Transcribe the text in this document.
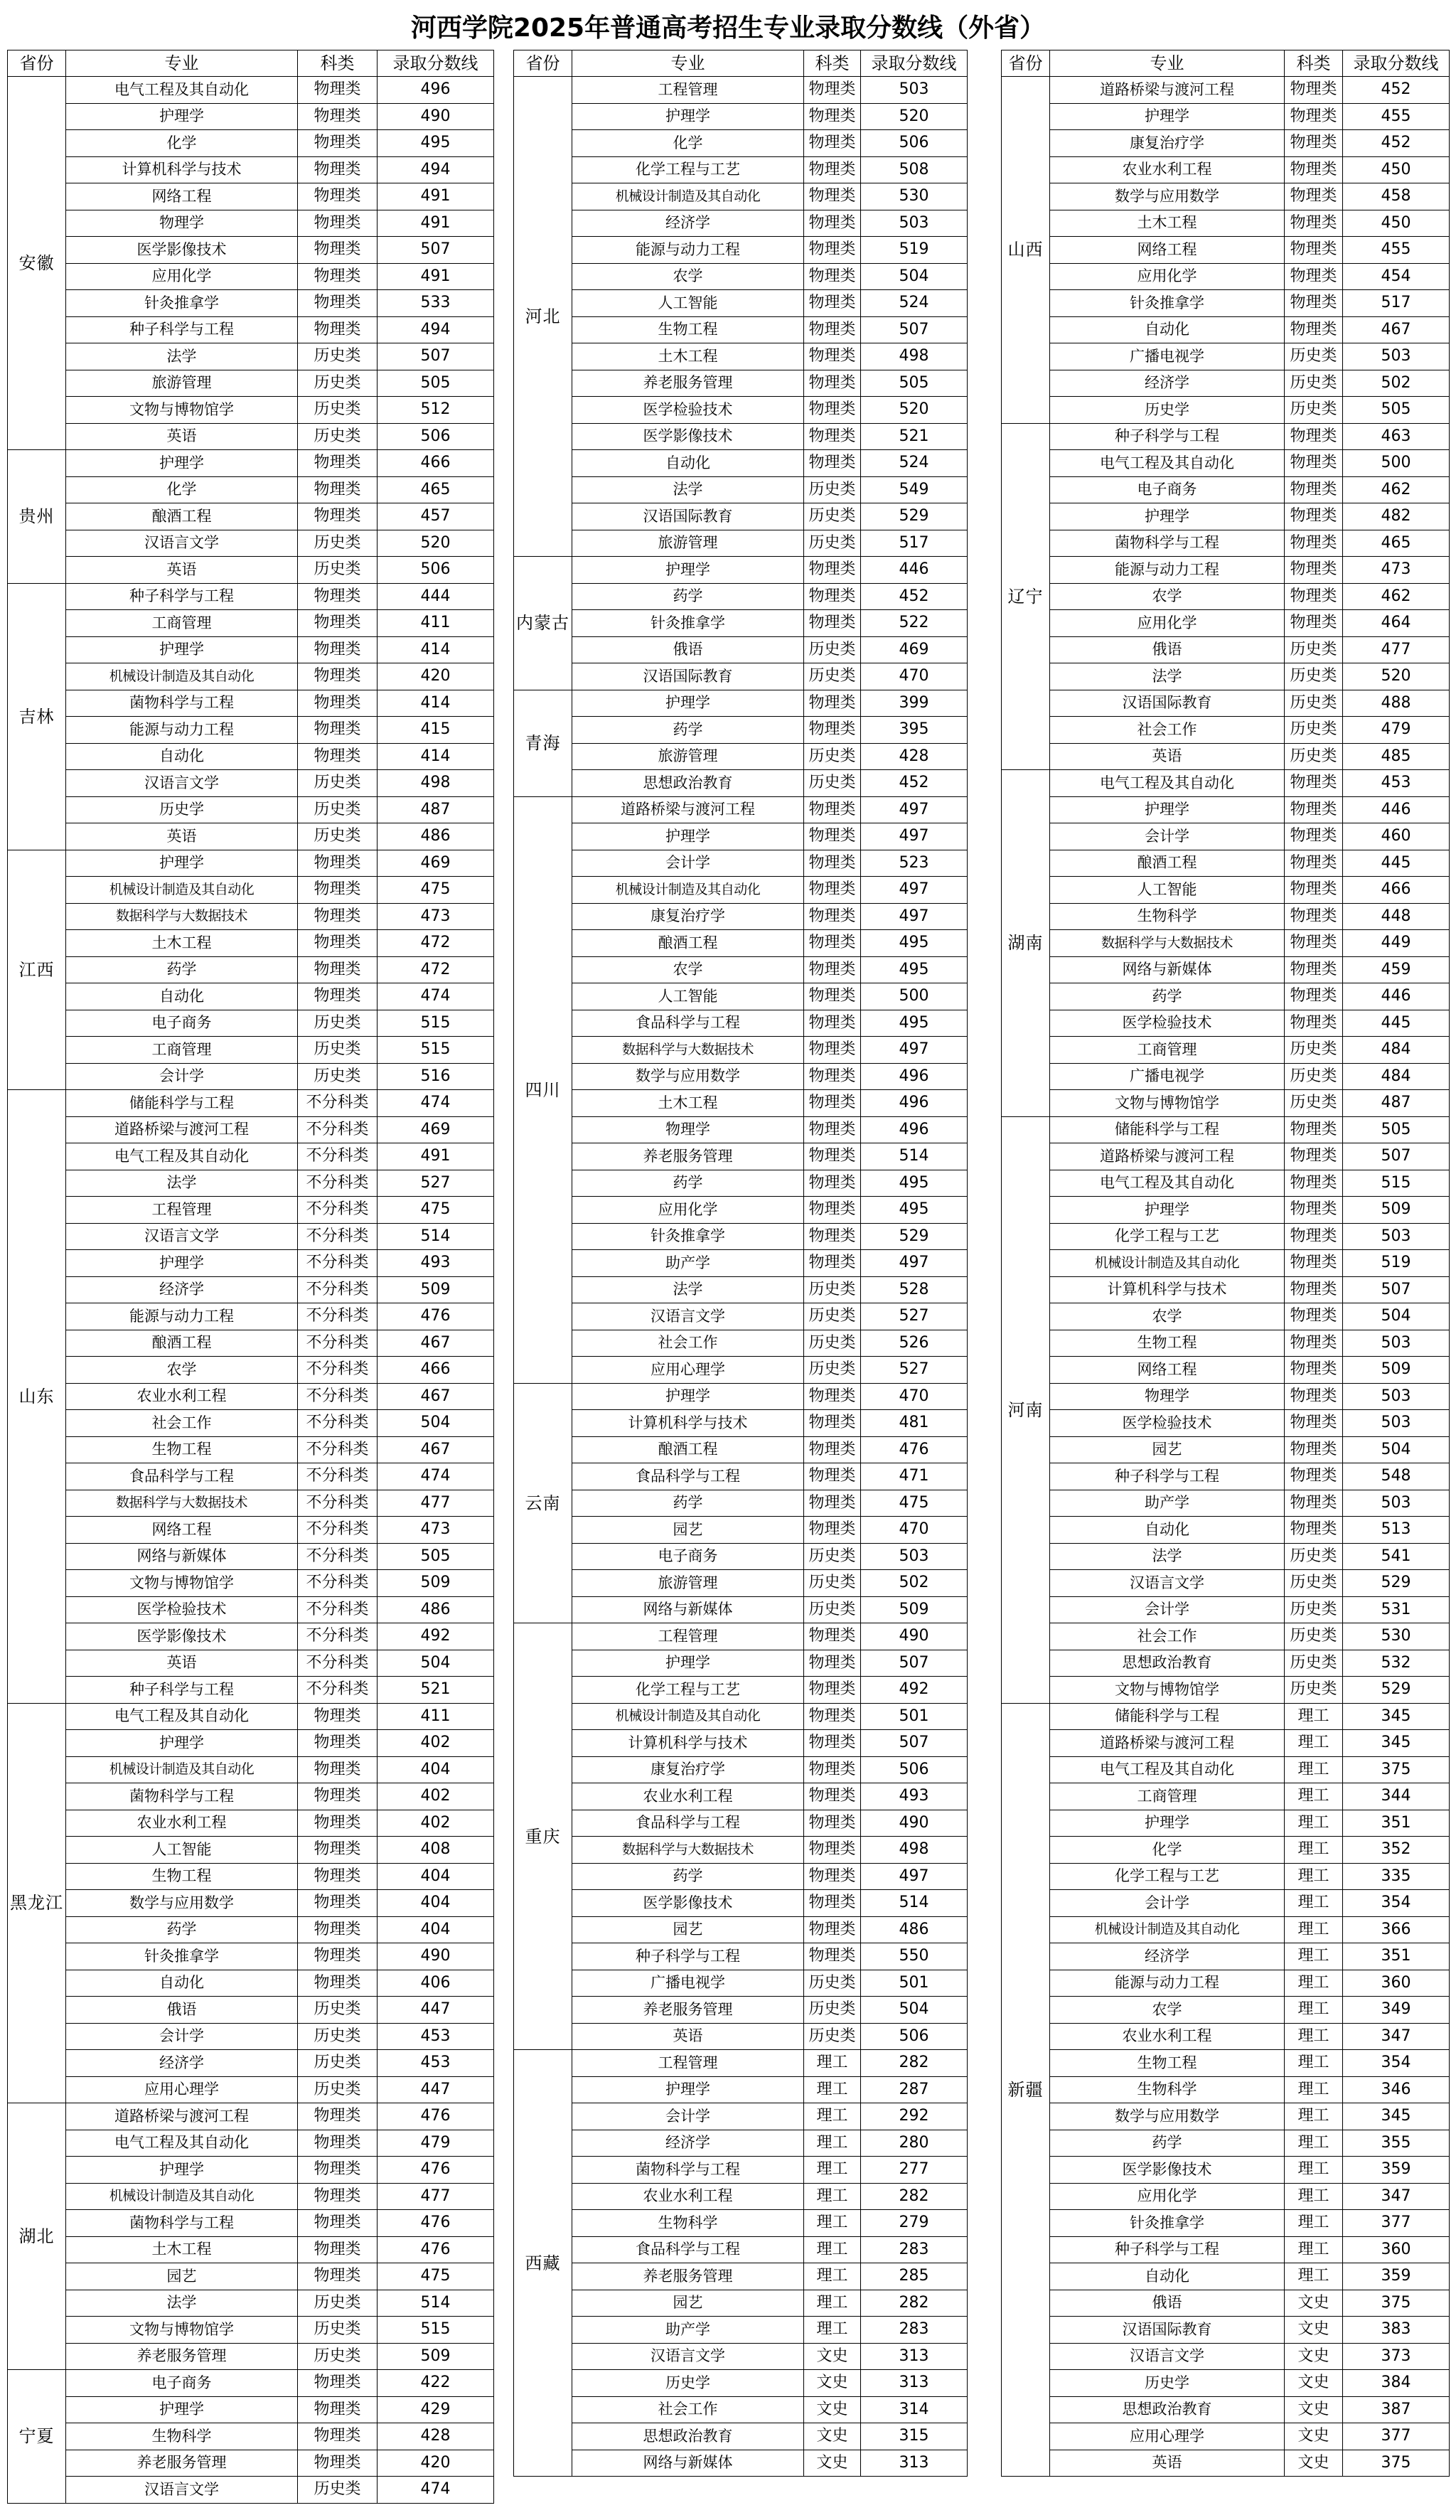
河西学院2025年普通高考招生专业录取分数线（外省）
省份	专业	科类	录取分数线
安徽	电气工程及其自动化	物理类	496
	护理学	物理类	490
	化学	物理类	495
	计算机科学与技术	物理类	494
	网络工程	物理类	491
	物理学	物理类	491
	医学影像技术	物理类	507
	应用化学	物理类	491
	针灸推拿学	物理类	533
	种子科学与工程	物理类	494
	法学	历史类	507
	旅游管理	历史类	505
	文物与博物馆学	历史类	512
	英语	历史类	506
贵州	护理学	物理类	466
	化学	物理类	465
	酿酒工程	物理类	457
	汉语言文学	历史类	520
	英语	历史类	506
吉林	种子科学与工程	物理类	444
	工商管理	物理类	411
	护理学	物理类	414
	机械设计制造及其自动化	物理类	420
	菌物科学与工程	物理类	414
	能源与动力工程	物理类	415
	自动化	物理类	414
	汉语言文学	历史类	498
	历史学	历史类	487
	英语	历史类	486
江西	护理学	物理类	469
	机械设计制造及其自动化	物理类	475
	数据科学与大数据技术	物理类	473
	土木工程	物理类	472
	药学	物理类	472
	自动化	物理类	474
	电子商务	历史类	515
	工商管理	历史类	515
	会计学	历史类	516
山东	储能科学与工程	不分科类	474
	道路桥梁与渡河工程	不分科类	469
	电气工程及其自动化	不分科类	491
	法学	不分科类	527
	工程管理	不分科类	475
	汉语言文学	不分科类	514
	护理学	不分科类	493
	经济学	不分科类	509
	能源与动力工程	不分科类	476
	酿酒工程	不分科类	467
	农学	不分科类	466
	农业水利工程	不分科类	467
	社会工作	不分科类	504
	生物工程	不分科类	467
	食品科学与工程	不分科类	474
	数据科学与大数据技术	不分科类	477
	网络工程	不分科类	473
	网络与新媒体	不分科类	505
	文物与博物馆学	不分科类	509
	医学检验技术	不分科类	486
	医学影像技术	不分科类	492
	英语	不分科类	504
	种子科学与工程	不分科类	521
黑龙江	电气工程及其自动化	物理类	411
	护理学	物理类	402
	机械设计制造及其自动化	物理类	404
	菌物科学与工程	物理类	402
	农业水利工程	物理类	402
	人工智能	物理类	408
	生物工程	物理类	404
	数学与应用数学	物理类	404
	药学	物理类	404
	针灸推拿学	物理类	490
	自动化	物理类	406
	俄语	历史类	447
	会计学	历史类	453
	经济学	历史类	453
	应用心理学	历史类	447
湖北	道路桥梁与渡河工程	物理类	476
	电气工程及其自动化	物理类	479
	护理学	物理类	476
	机械设计制造及其自动化	物理类	477
	菌物科学与工程	物理类	476
	土木工程	物理类	476
	园艺	物理类	475
	法学	历史类	514
	文物与博物馆学	历史类	515
	养老服务管理	历史类	509
宁夏	电子商务	物理类	422
	护理学	物理类	429
	生物科学	物理类	428
	养老服务管理	物理类	420
	汉语言文学	历史类	474
省份	专业	科类	录取分数线
河北	工程管理	物理类	503
	护理学	物理类	520
	化学	物理类	506
	化学工程与工艺	物理类	508
	机械设计制造及其自动化	物理类	530
	经济学	物理类	503
	能源与动力工程	物理类	519
	农学	物理类	504
	人工智能	物理类	524
	生物工程	物理类	507
	土木工程	物理类	498
	养老服务管理	物理类	505
	医学检验技术	物理类	520
	医学影像技术	物理类	521
	自动化	物理类	524
	法学	历史类	549
	汉语国际教育	历史类	529
	旅游管理	历史类	517
内蒙古	护理学	物理类	446
	药学	物理类	452
	针灸推拿学	物理类	522
	俄语	历史类	469
	汉语国际教育	历史类	470
青海	护理学	物理类	399
	药学	物理类	395
	旅游管理	历史类	428
	思想政治教育	历史类	452
四川	道路桥梁与渡河工程	物理类	497
	护理学	物理类	497
	会计学	物理类	523
	机械设计制造及其自动化	物理类	497
	康复治疗学	物理类	497
	酿酒工程	物理类	495
	农学	物理类	495
	人工智能	物理类	500
	食品科学与工程	物理类	495
	数据科学与大数据技术	物理类	497
	数学与应用数学	物理类	496
	土木工程	物理类	496
	物理学	物理类	496
	养老服务管理	物理类	514
	药学	物理类	495
	应用化学	物理类	495
	针灸推拿学	物理类	529
	助产学	物理类	497
	法学	历史类	528
	汉语言文学	历史类	527
	社会工作	历史类	526
	应用心理学	历史类	527
云南	护理学	物理类	470
	计算机科学与技术	物理类	481
	酿酒工程	物理类	476
	食品科学与工程	物理类	471
	药学	物理类	475
	园艺	物理类	470
	电子商务	历史类	503
	旅游管理	历史类	502
	网络与新媒体	历史类	509
重庆	工程管理	物理类	490
	护理学	物理类	507
	化学工程与工艺	物理类	492
	机械设计制造及其自动化	物理类	501
	计算机科学与技术	物理类	507
	康复治疗学	物理类	506
	农业水利工程	物理类	493
	食品科学与工程	物理类	490
	数据科学与大数据技术	物理类	498
	药学	物理类	497
	医学影像技术	物理类	514
	园艺	物理类	486
	种子科学与工程	物理类	550
	广播电视学	历史类	501
	养老服务管理	历史类	504
	英语	历史类	506
西藏	工程管理	理工	282
	护理学	理工	287
	会计学	理工	292
	经济学	理工	280
	菌物科学与工程	理工	277
	农业水利工程	理工	282
	生物科学	理工	279
	食品科学与工程	理工	283
	养老服务管理	理工	285
	园艺	理工	282
	助产学	理工	283
	汉语言文学	文史	313
	历史学	文史	313
	社会工作	文史	314
	思想政治教育	文史	315
	网络与新媒体	文史	313
省份	专业	科类	录取分数线
山西	道路桥梁与渡河工程	物理类	452
	护理学	物理类	455
	康复治疗学	物理类	452
	农业水利工程	物理类	450
	数学与应用数学	物理类	458
	土木工程	物理类	450
	网络工程	物理类	455
	应用化学	物理类	454
	针灸推拿学	物理类	517
	自动化	物理类	467
	广播电视学	历史类	503
	经济学	历史类	502
	历史学	历史类	505
辽宁	种子科学与工程	物理类	463
	电气工程及其自动化	物理类	500
	电子商务	物理类	462
	护理学	物理类	482
	菌物科学与工程	物理类	465
	能源与动力工程	物理类	473
	农学	物理类	462
	应用化学	物理类	464
	俄语	历史类	477
	法学	历史类	520
	汉语国际教育	历史类	488
	社会工作	历史类	479
	英语	历史类	485
湖南	电气工程及其自动化	物理类	453
	护理学	物理类	446
	会计学	物理类	460
	酿酒工程	物理类	445
	人工智能	物理类	466
	生物科学	物理类	448
	数据科学与大数据技术	物理类	449
	网络与新媒体	物理类	459
	药学	物理类	446
	医学检验技术	物理类	445
	工商管理	历史类	484
	广播电视学	历史类	484
	文物与博物馆学	历史类	487
河南	储能科学与工程	物理类	505
	道路桥梁与渡河工程	物理类	507
	电气工程及其自动化	物理类	515
	护理学	物理类	509
	化学工程与工艺	物理类	503
	机械设计制造及其自动化	物理类	519
	计算机科学与技术	物理类	507
	农学	物理类	504
	生物工程	物理类	503
	网络工程	物理类	509
	物理学	物理类	503
	医学检验技术	物理类	503
	园艺	物理类	504
	种子科学与工程	物理类	548
	助产学	物理类	503
	自动化	物理类	513
	法学	历史类	541
	汉语言文学	历史类	529
	会计学	历史类	531
	社会工作	历史类	530
	思想政治教育	历史类	532
	文物与博物馆学	历史类	529
新疆	储能科学与工程	理工	345
	道路桥梁与渡河工程	理工	345
	电气工程及其自动化	理工	375
	工商管理	理工	344
	护理学	理工	351
	化学	理工	352
	化学工程与工艺	理工	335
	会计学	理工	354
	机械设计制造及其自动化	理工	366
	经济学	理工	351
	能源与动力工程	理工	360
	农学	理工	349
	农业水利工程	理工	347
	生物工程	理工	354
	生物科学	理工	346
	数学与应用数学	理工	345
	药学	理工	355
	医学影像技术	理工	359
	应用化学	理工	347
	针灸推拿学	理工	377
	种子科学与工程	理工	360
	自动化	理工	359
	俄语	文史	375
	汉语国际教育	文史	383
	汉语言文学	文史	373
	历史学	文史	384
	思想政治教育	文史	387
	应用心理学	文史	377
	英语	文史	375
